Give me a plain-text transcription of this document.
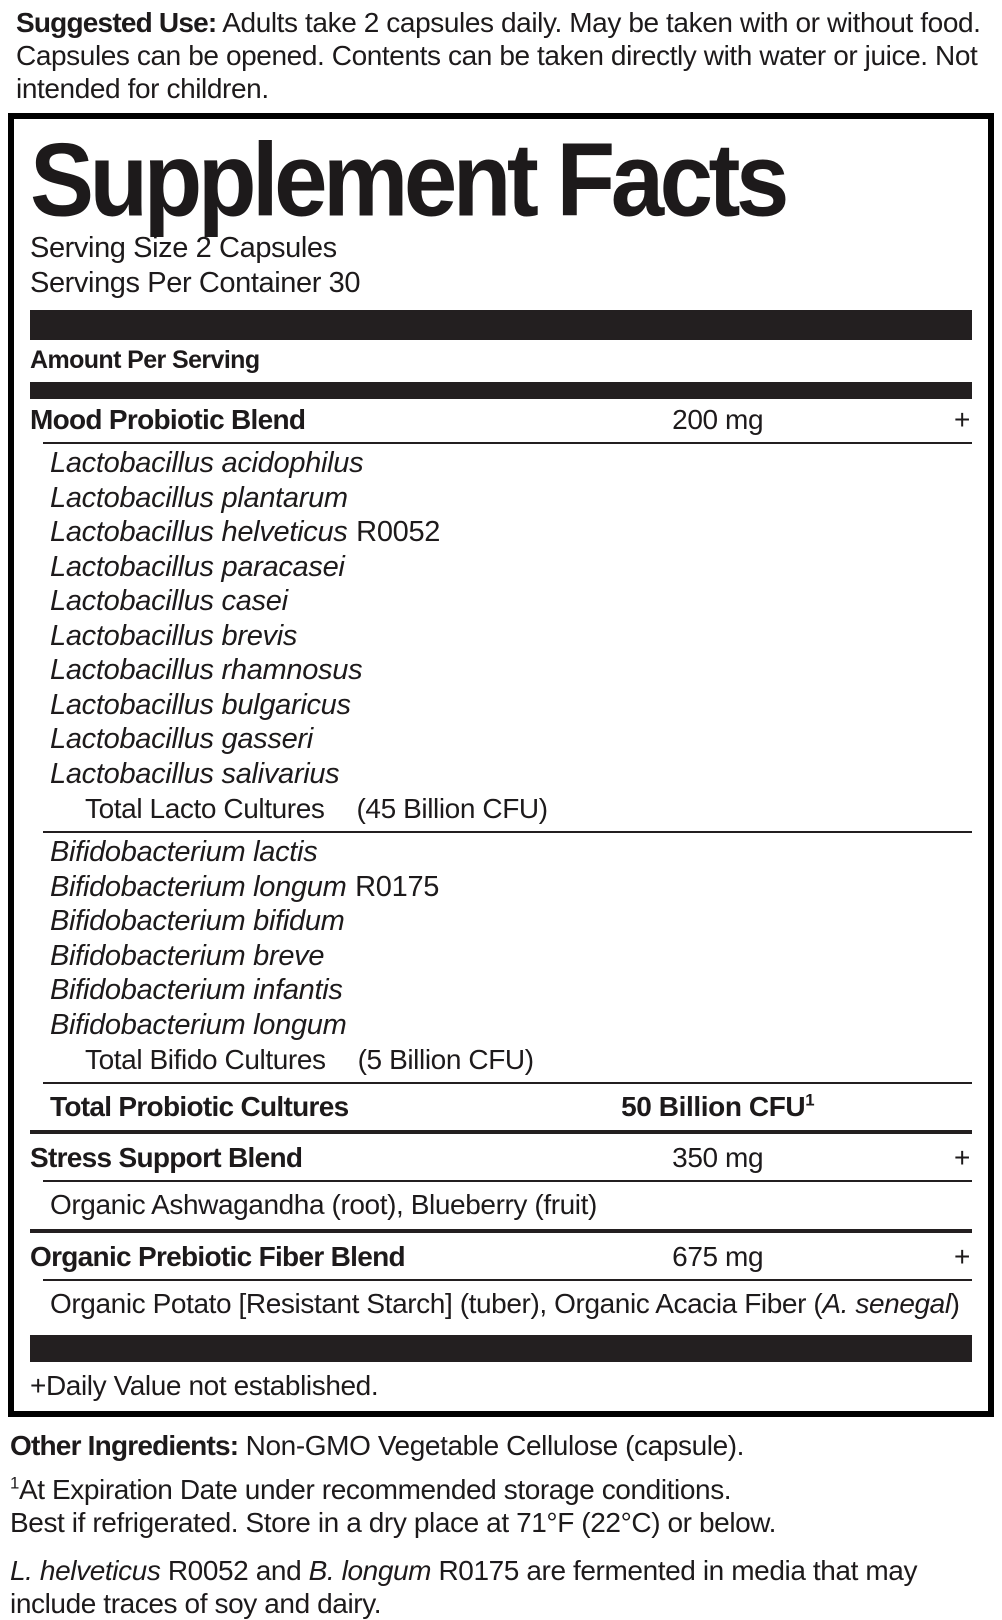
Suggested Use: Adults take 2 capsules daily. May be taken with or without food. Capsules can be opened. Contents can be taken directly with water or juice. Not intended for children.
Supplement Facts
Serving Size 2 Capsules
Servings Per Container 30
Amount Per Serving
Mood Probiotic Blend	200 mg	+
Lactobacillus acidophilus
Lactobacillus plantarum
Lactobacillus helveticus R0052
Lactobacillus paracasei
Lactobacillus casei
Lactobacillus brevis
Lactobacillus rhamnosus
Lactobacillus bulgaricus
Lactobacillus gasseri
Lactobacillus salivarius
Total Lacto Cultures (45 Billion CFU)
Bifidobacterium lactis
Bifidobacterium longum R0175
Bifidobacterium bifidum
Bifidobacterium breve
Bifidobacterium infantis
Bifidobacterium longum
Total Bifido Cultures (5 Billion CFU)
Total Probiotic Cultures	50 Billion CFU$^1$
Stress Support Blend	350 mg	+
Organic Ashwagandha (root), Blueberry (fruit)
Organic Prebiotic Fiber Blend	675 mg	+
Organic Potato [Resistant Starch] (tuber), Organic Acacia Fiber (A. senegal)
+Daily Value not established.
Other Ingredients: Non-GMO Vegetable Cellulose (capsule).
$^1$At Expiration Date under recommended storage conditions.
Best if refrigerated. Store in a dry place at 71°F (22°C) or below.
L. helveticus R0052 and B. longum R0175 are fermented in media that may include traces of soy and dairy.
